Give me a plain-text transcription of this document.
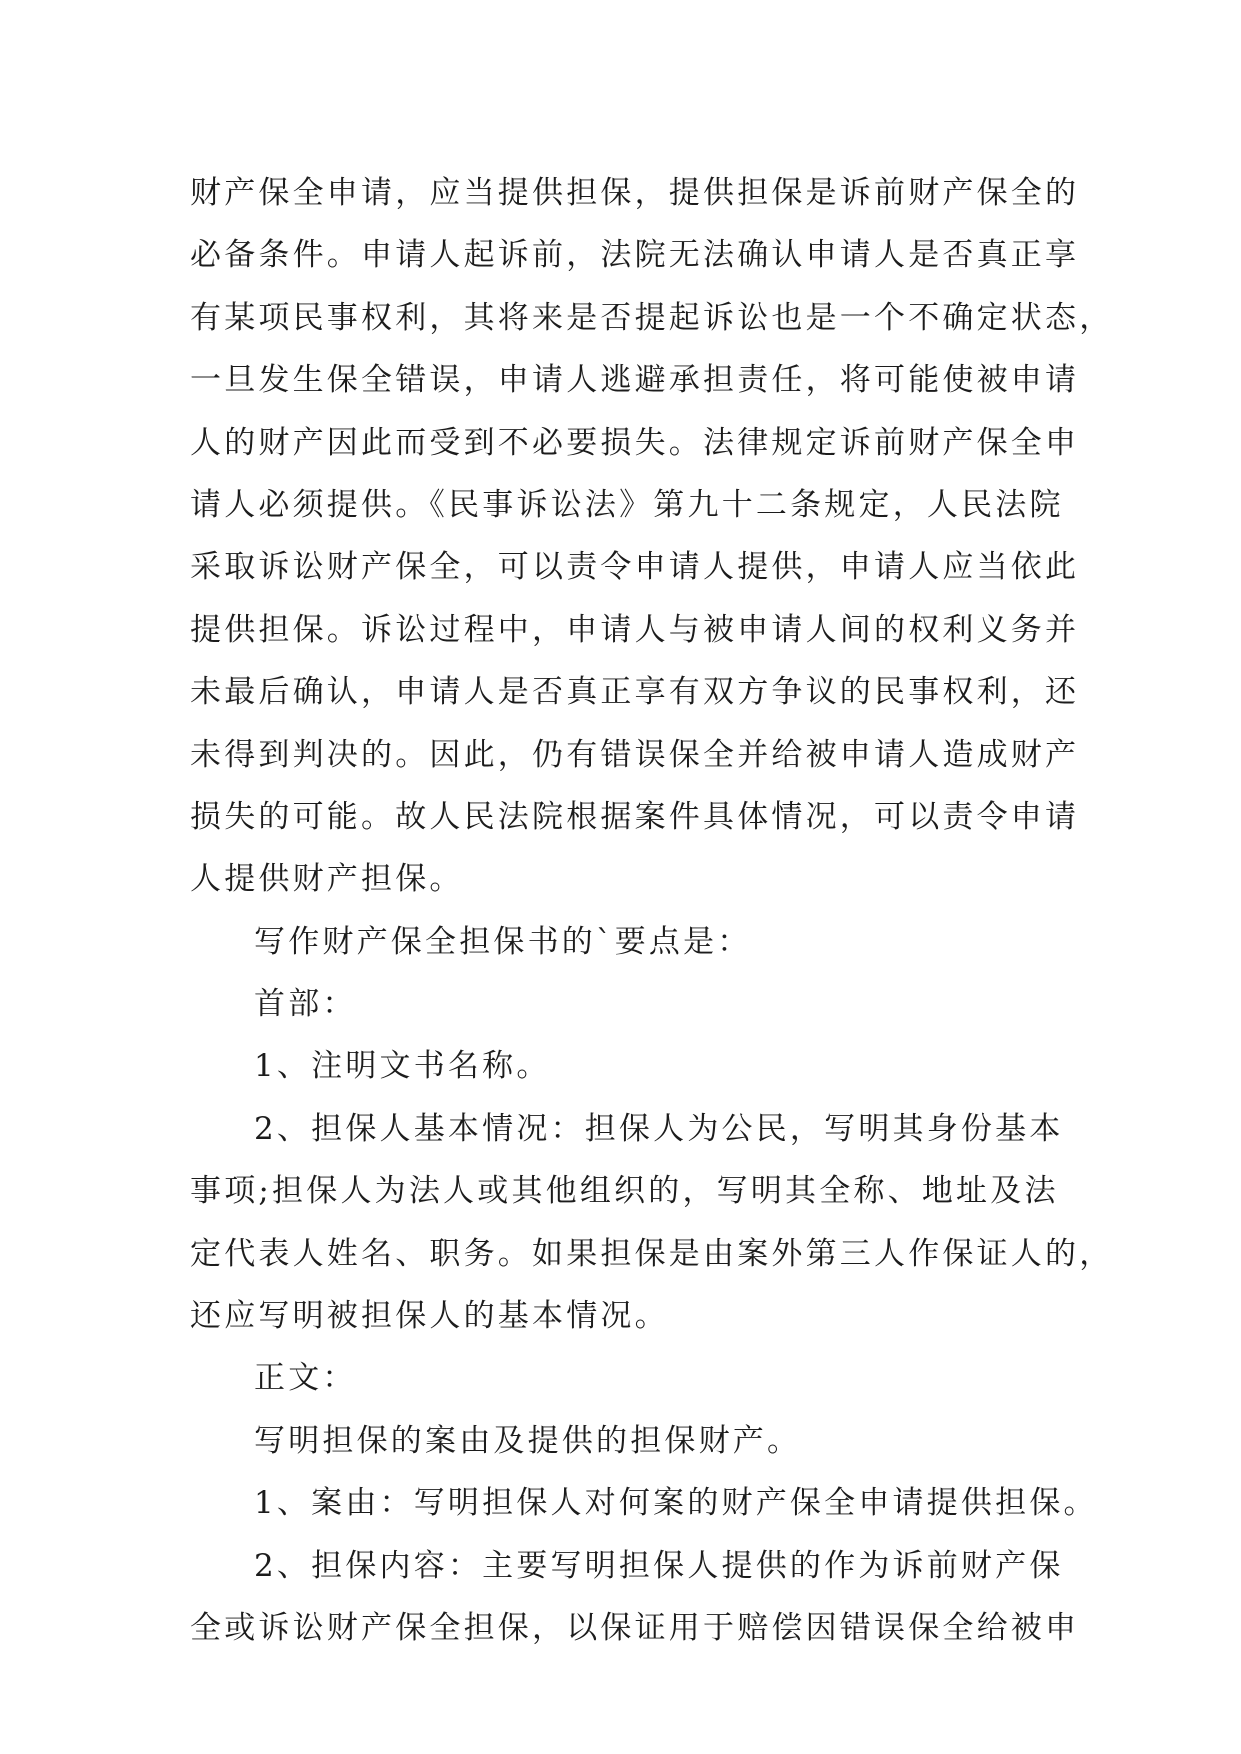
财产保全申请，应当提供担保，提供担保是诉前财产保全的
必备条件。申请人起诉前，法院无法确认申请人是否真正享
有某项民事权利，其将来是否提起诉讼也是一个不确定状态，
一旦发生保全错误，申请人逃避承担责任，将可能使被申请
人的财产因此而受到不必要损失。法律规定诉前财产保全申
请人必须提供。《民事诉讼法》第九十二条规定，人民法院
采取诉讼财产保全，可以责令申请人提供，申请人应当依此
提供担保。诉讼过程中，申请人与被申请人间的权利义务并
未最后确认，申请人是否真正享有双方争议的民事权利，还
未得到判决的。因此，仍有错误保全并给被申请人造成财产
损失的可能。故人民法院根据案件具体情况，可以责令申请
人提供财产担保。
写作财产保全担保书的`要点是：
首部：
1、注明文书名称。
2、担保人基本情况：担保人为公民，写明其身份基本
事项;担保人为法人或其他组织的，写明其全称、地址及法
定代表人姓名、职务。如果担保是由案外第三人作保证人的，
还应写明被担保人的基本情况。
正文：
写明担保的案由及提供的担保财产。
1、案由：写明担保人对何案的财产保全申请提供担保。
2、担保内容：主要写明担保人提供的作为诉前财产保
全或诉讼财产保全担保，以保证用于赔偿因错误保全给被申
